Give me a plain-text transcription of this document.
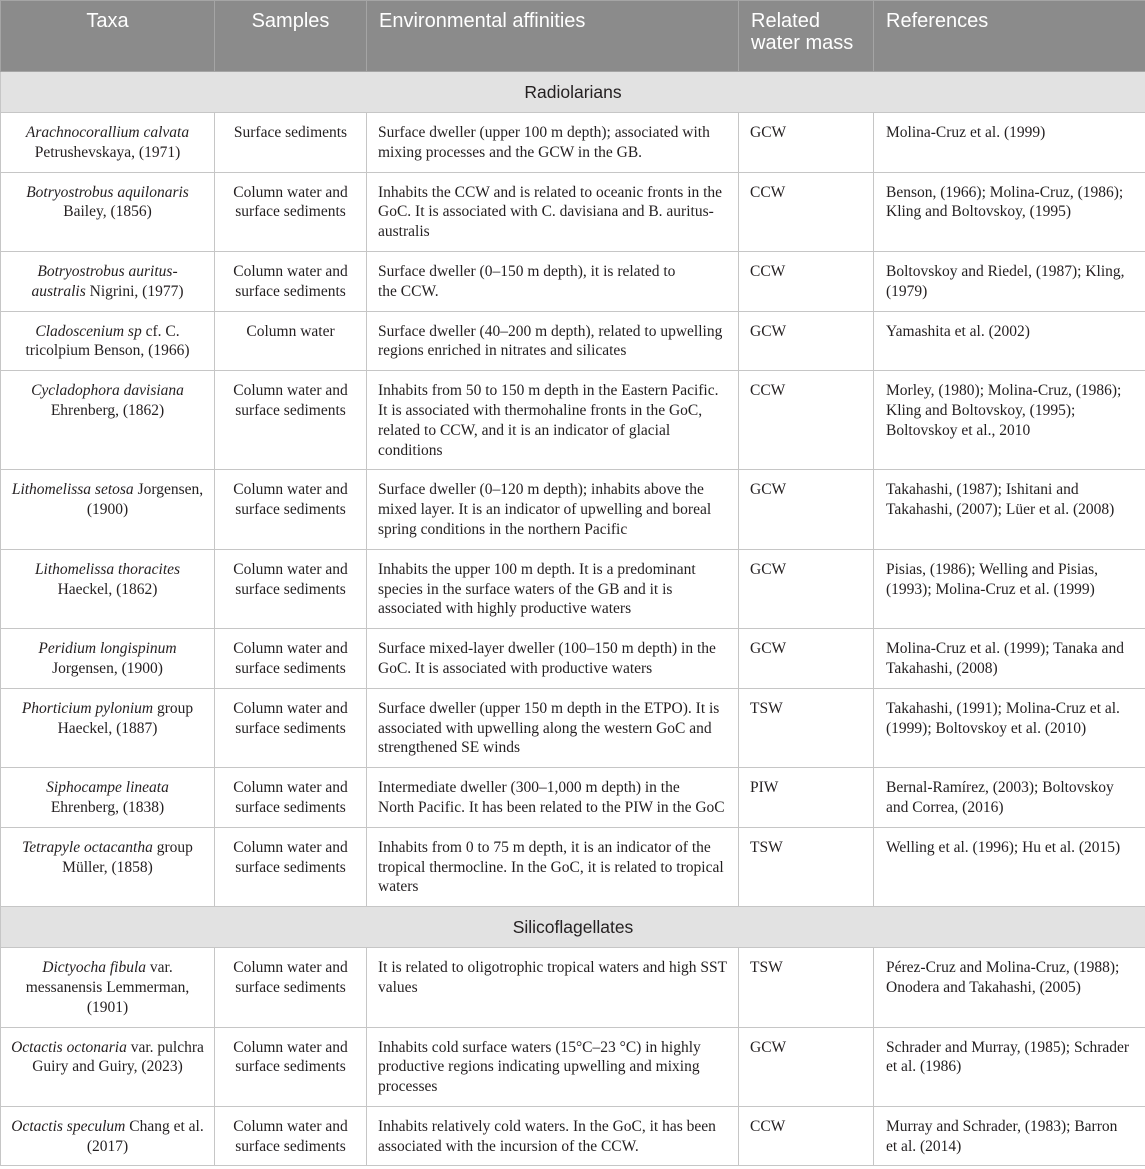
Taxa	Samples	Environmental affinities	Related
water mass	References
Radiolarians				
Arachnocorallium calvata
Petrushevskaya, (1971)	Surface sediments	Surface dweller (upper 100 m depth); associated with
mixing processes and the GCW in the GB.	GCW	Molina-Cruz et al. (1999)
Botryostrobus aquilonaris
Bailey, (1856)	Column water and
surface sediments	Inhabits the CCW and is related to oceanic fronts in the
GoC. It is associated with C. davisiana and B. auritus-
australis	CCW	Benson, (1966); Molina-Cruz, (1986);
Kling and Boltovskoy, (1995)
Botryostrobus auritus-
australis Nigrini, (1977)	Column water and
surface sediments	Surface dweller (0–150 m depth), it is related to
the CCW.	CCW	Boltovskoy and Riedel, (1987); Kling,
(1979)
Cladoscenium sp cf. C.
tricolpium Benson, (1966)	Column water	Surface dweller (40–200 m depth), related to upwelling
regions enriched in nitrates and silicates	GCW	Yamashita et al. (2002)
Cycladophora davisiana
Ehrenberg, (1862)	Column water and
surface sediments	Inhabits from 50 to 150 m depth in the Eastern Pacific.
It is associated with thermohaline fronts in the GoC,
related to CCW, and it is an indicator of glacial
conditions	CCW	Morley, (1980); Molina-Cruz, (1986);
Kling and Boltovskoy, (1995);
Boltovskoy et al., 2010
Lithomelissa setosa Jorgensen,
(1900)	Column water and
surface sediments	Surface dweller (0–120 m depth); inhabits above the
mixed layer. It is an indicator of upwelling and boreal
spring conditions in the northern Pacific	GCW	Takahashi, (1987); Ishitani and
Takahashi, (2007); Lüer et al. (2008)
Lithomelissa thoracites
Haeckel, (1862)	Column water and
surface sediments	Inhabits the upper 100 m depth. It is a predominant
species in the surface waters of the GB and it is
associated with highly productive waters	GCW	Pisias, (1986); Welling and Pisias,
(1993); Molina-Cruz et al. (1999)
Peridium longispinum
Jorgensen, (1900)	Column water and
surface sediments	Surface mixed-layer dweller (100–150 m depth) in the
GoC. It is associated with productive waters	GCW	Molina-Cruz et al. (1999); Tanaka and
Takahashi, (2008)
Phorticium pylonium group
Haeckel, (1887)	Column water and
surface sediments	Surface dweller (upper 150 m depth in the ETPO). It is
associated with upwelling along the western GoC and
strengthened SE winds	TSW	Takahashi, (1991); Molina-Cruz et al.
(1999); Boltovskoy et al. (2010)
Siphocampe lineata
Ehrenberg, (1838)	Column water and
surface sediments	Intermediate dweller (300–1,000 m depth) in the
North Pacific. It has been related to the PIW in the GoC	PIW	Bernal-Ramírez, (2003); Boltovskoy
and Correa, (2016)
Tetrapyle octacantha group
Müller, (1858)	Column water and
surface sediments	Inhabits from 0 to 75 m depth, it is an indicator of the
tropical thermocline. In the GoC, it is related to tropical
waters	TSW	Welling et al. (1996); Hu et al. (2015)
Silicoflagellates				
Dictyocha fibula var.
messanensis Lemmerman,
(1901)	Column water and
surface sediments	It is related to oligotrophic tropical waters and high SST
values	TSW	Pérez-Cruz and Molina-Cruz, (1988);
Onodera and Takahashi, (2005)
Octactis octonaria var. pulchra
Guiry and Guiry, (2023)	Column water and
surface sediments	Inhabits cold surface waters (15°C–23 °C) in highly
productive regions indicating upwelling and mixing
processes	GCW	Schrader and Murray, (1985); Schrader
et al. (1986)
Octactis speculum Chang et al.
(2017)	Column water and
surface sediments	Inhabits relatively cold waters. In the GoC, it has been
associated with the incursion of the CCW.	CCW	Murray and Schrader, (1983); Barron
et al. (2014)
